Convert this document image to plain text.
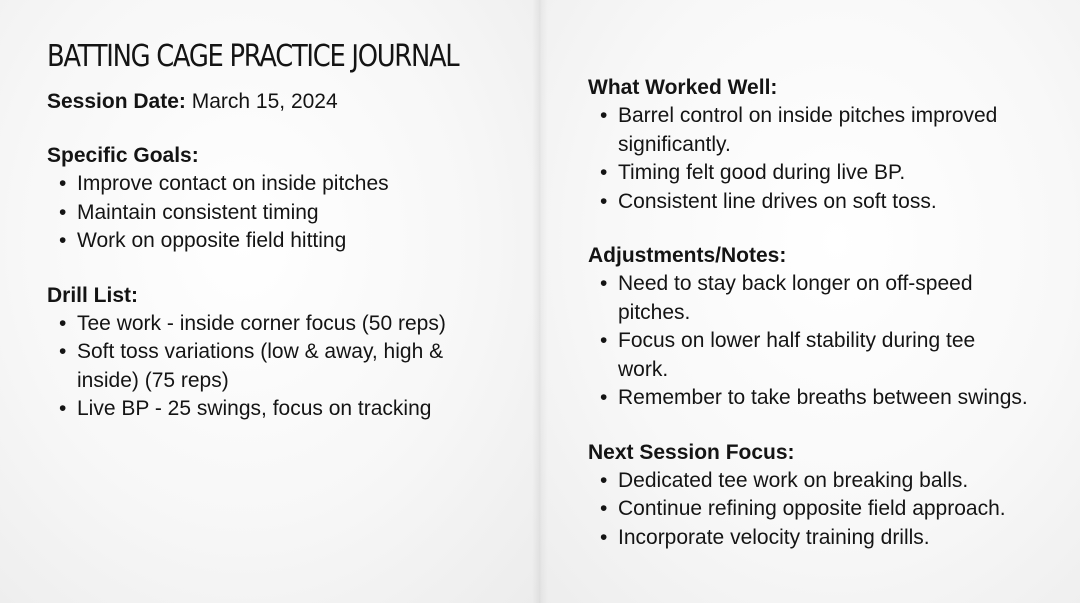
BATTING CAGE PRACTICE JOURNAL

Session Date: March 15, 2024

Specific Goals:
• Improve contact on inside pitches
• Maintain consistent timing
• Work on opposite field hitting
Drill List:
• Tee work - inside corner focus (50 reps)
• Soft toss variations (low & away, high & inside) (75 reps)
• Live BP - 25 swings, focus on tracking
What Worked Well:
• Barrel control on inside pitches improved significantly.
• Timing felt good during live BP.
• Consistent line drives on soft toss.
Adjustments/Notes:
• Need to stay back longer on off-speed pitches.
• Focus on lower half stability during tee work.
• Remember to take breaths between swings.
Next Session Focus:
• Dedicated tee work on breaking balls.
• Continue refining opposite field approach.
• Incorporate velocity training drills.
